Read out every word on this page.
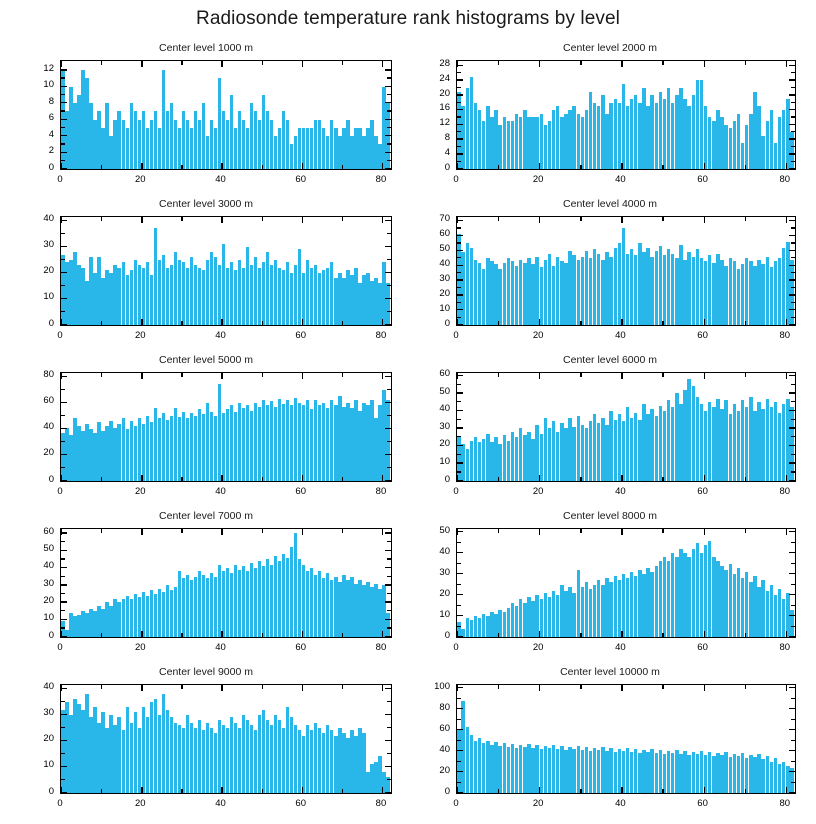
Radiosonde temperature rank histograms by level
Center level 1000 m
0
2
4
6
8
10
12
0	20	40	60	80
Center level 2000 m
0
4
8
12
16
20
24
28
0	20	40	60	80
Center level 3000 m
0
10
20
30
40
0	20	40	60	80
Center level 4000 m
0
10
20
30
40
50
60
70
0	20	40	60	80
Center level 5000 m
0
20
40
60
80
0	20	40	60	80
Center level 6000 m
0
10
20
30
40
50
60
0	20	40	60	80
Center level 7000 m
0
10
20
30
40
50
60
0	20	40	60	80
Center level 8000 m
0
10
20
30
40
50
0	20	40	60	80
Center level 9000 m
0
10
20
30
40
0	20	40	60	80
Center level 10000 m
0
20
40
60
80
100
0	20	40	60	80
